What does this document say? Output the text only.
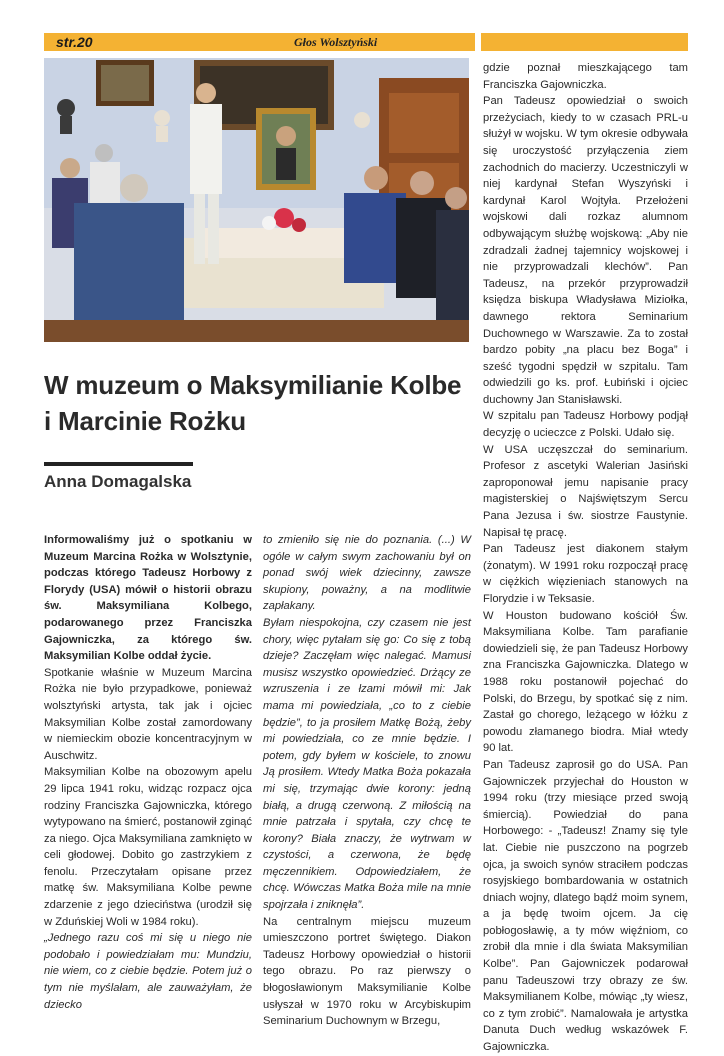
str.20	Głos Wolsztyński
W muzeum o Maksymilianie Kolbe i Marcinie Rożku
Anna Domagalska

Informowaliśmy już o spotkaniu w Muzeum Marcina Rożka w Wolsztynie, podczas którego Tadeusz Horbowy z Florydy (USA) mówił o historii obrazu św. Maksymiliana Kolbego, podarowanego przez Franciszka Gajowniczka, za którego św. Maksymilian Kolbe oddał życie.

Spotkanie właśnie w Muzeum Marcina Rożka nie było przypadkowe, ponieważ wolsztyński artysta, tak jak i ojciec Maksymilian Kolbe został zamordowany w niemieckim obozie koncentracyjnym w Auschwitz.

Maksymilian Kolbe na obozowym apelu 29 lipca 1941 roku, widząc rozpacz ojca rodziny Franciszka Gajowniczka, którego wytypowano na śmierć, postanowił zginąć za niego. Ojca Maksymiliana zamknięto w celi głodowej. Dobito go zastrzykiem z fenolu. Przeczytałam opisane przez matkę św. Maksymiliana Kolbe pewne zdarzenie z jego dzieciństwa (urodził się w Zduńskiej Woli w 1984 roku).

„Jednego razu coś mi się u niego nie podobało i powiedziałam mu: Mundziu, nie wiem, co z ciebie będzie. Potem już o tym nie myślałam, ale zauważyłam, że dziecko

to zmieniło się nie do poznania. (...) W ogóle w całym swym zachowaniu był on ponad swój wiek dziecinny, zawsze skupiony, poważny, a na modlitwie zapłakany.

Byłam niespokojna, czy czasem nie jest chory, więc pytałam się go: Co się z tobą dzieje? Zaczęłam więc nalegać. Mamusi musisz wszystko opowiedzieć. Drżący ze wzruszenia i ze łzami mówił mi: Jak mama mi powiedziała, „co to z ciebie będzie”, to ja prosiłem Matkę Bożą, żeby mi powiedziała, co ze mnie będzie. I potem, gdy byłem w kościele, to znowu Ją prosiłem. Wtedy Matka Boża pokazała mi się, trzymając dwie korony: jedną białą, a drugą czerwoną. Z miłością na mnie patrzała i spytała, czy chcę te korony? Biała znaczy, że wytrwam w czystości, a czerwona, że będę męczennikiem. Odpowiedziałem, że chcę. Wówczas Matka Boża mile na mnie spojrzała i zniknęła”.

Na centralnym miejscu muzeum umieszczono portret świętego. Diakon Tadeusz Horbowy opowiedział o historii tego obrazu. Po raz pierwszy o błogosławionym Maksymilianie Kolbe usłyszał w 1970 roku w Arcybiskupim Seminarium Duchownym w Brzegu,

gdzie poznał mieszkającego tam Franciszka Gajowniczka.

Pan Tadeusz opowiedział o swoich przeżyciach, kiedy to w czasach PRL-u służył w wojsku. W tym okresie odbywała się uroczystość przyłączenia ziem zachodnich do macierzy. Uczestniczyli w niej kardynał Stefan Wyszyński i kardynał Karol Wojtyła. Przełożeni wojskowi dali rozkaz alumnom odbywającym służbę wojskową: „Aby nie zdradzali żadnej tajemnicy wojskowej i nie przyprowadzali klechów”. Pan Tadeusz, na przekór przyprowadził księdza biskupa Władysława Miziołka, dawnego rektora Seminarium Duchownego w Warszawie. Za to został bardzo pobity „na placu bez Boga” i sześć tygodni spędził w szpitalu. Tam odwiedzili go ks. prof. Łubiński i ojciec duchowny Jan Stanisławski.

W szpitalu pan Tadeusz Horbowy podjął decyzję o ucieczce z Polski. Udało się.

W USA uczęszczał do seminarium. Profesor z ascetyki Walerian Jasiński zaproponował jemu napisanie pracy magisterskiej o Najświętszym Sercu Pana Jezusa i św. siostrze Faustynie. Napisał tę pracę.

Pan Tadeusz jest diakonem stałym (żonatym). W 1991 roku rozpoczął pracę w ciężkich więzieniach stanowych na Florydzie i w Teksasie.

W Houston budowano kościół Św. Maksymiliana Kolbe. Tam parafianie dowiedzieli się, że pan Tadeusz Horbowy zna Franciszka Gajowniczka. Dlatego w 1988 roku postanowił pojechać do Polski, do Brzegu, by spotkać się z nim. Zastał go chorego, leżącego w łóżku z powodu złamanego biodra. Miał wtedy 90 lat.

Pan Tadeusz zaprosił go do USA. Pan Gajowniczek przyjechał do Houston w 1994 roku (trzy miesiące przed swoją śmiercią). Powiedział do pana Horbowego: - „Tadeusz! Znamy się tyle lat. Ciebie nie puszczono na pogrzeb ojca, ja swoich synów straciłem podczas rosyjskiego bombardowania w ostatnich dniach wojny, dlatego bądź moim synem, a ja będę twoim ojcem. Ja cię pobłogosławię, a ty mów więźniom, co zrobił dla mnie i dla świata Maksymilian Kolbe”. Pan Gajowniczek podarował panu Tadeuszowi trzy obrazy ze św. Maksymilianem Kolbe, mówiąc „ty wiesz, co z tym zrobić”. Namalowała je artystka Danuta Duch według wskazówek F. Gajowniczka.
